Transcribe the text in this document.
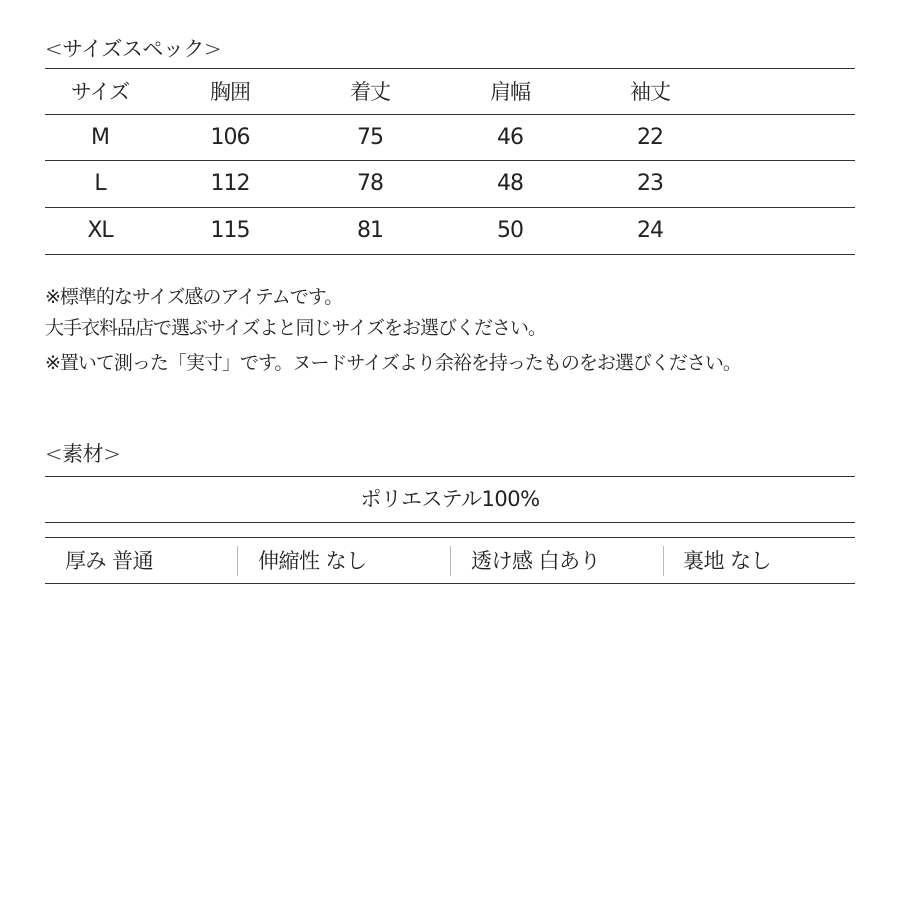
<サイズスペック>
サイズ	胸囲	着丈	肩幅	袖丈
M	106	75	46	22
L	112	78	48	23
XL	115	81	50	24
※標準的なサイズ感のアイテムです。
大手衣料品店で選ぶサイズよと同じサイズをお選びください。
※置いて測った「実寸」です。ヌードサイズより余裕を持ったものをお選びください。
<素材>
ポリエステル100%
厚み 普通	伸縮性 なし	透け感 白あり	裏地 なし
